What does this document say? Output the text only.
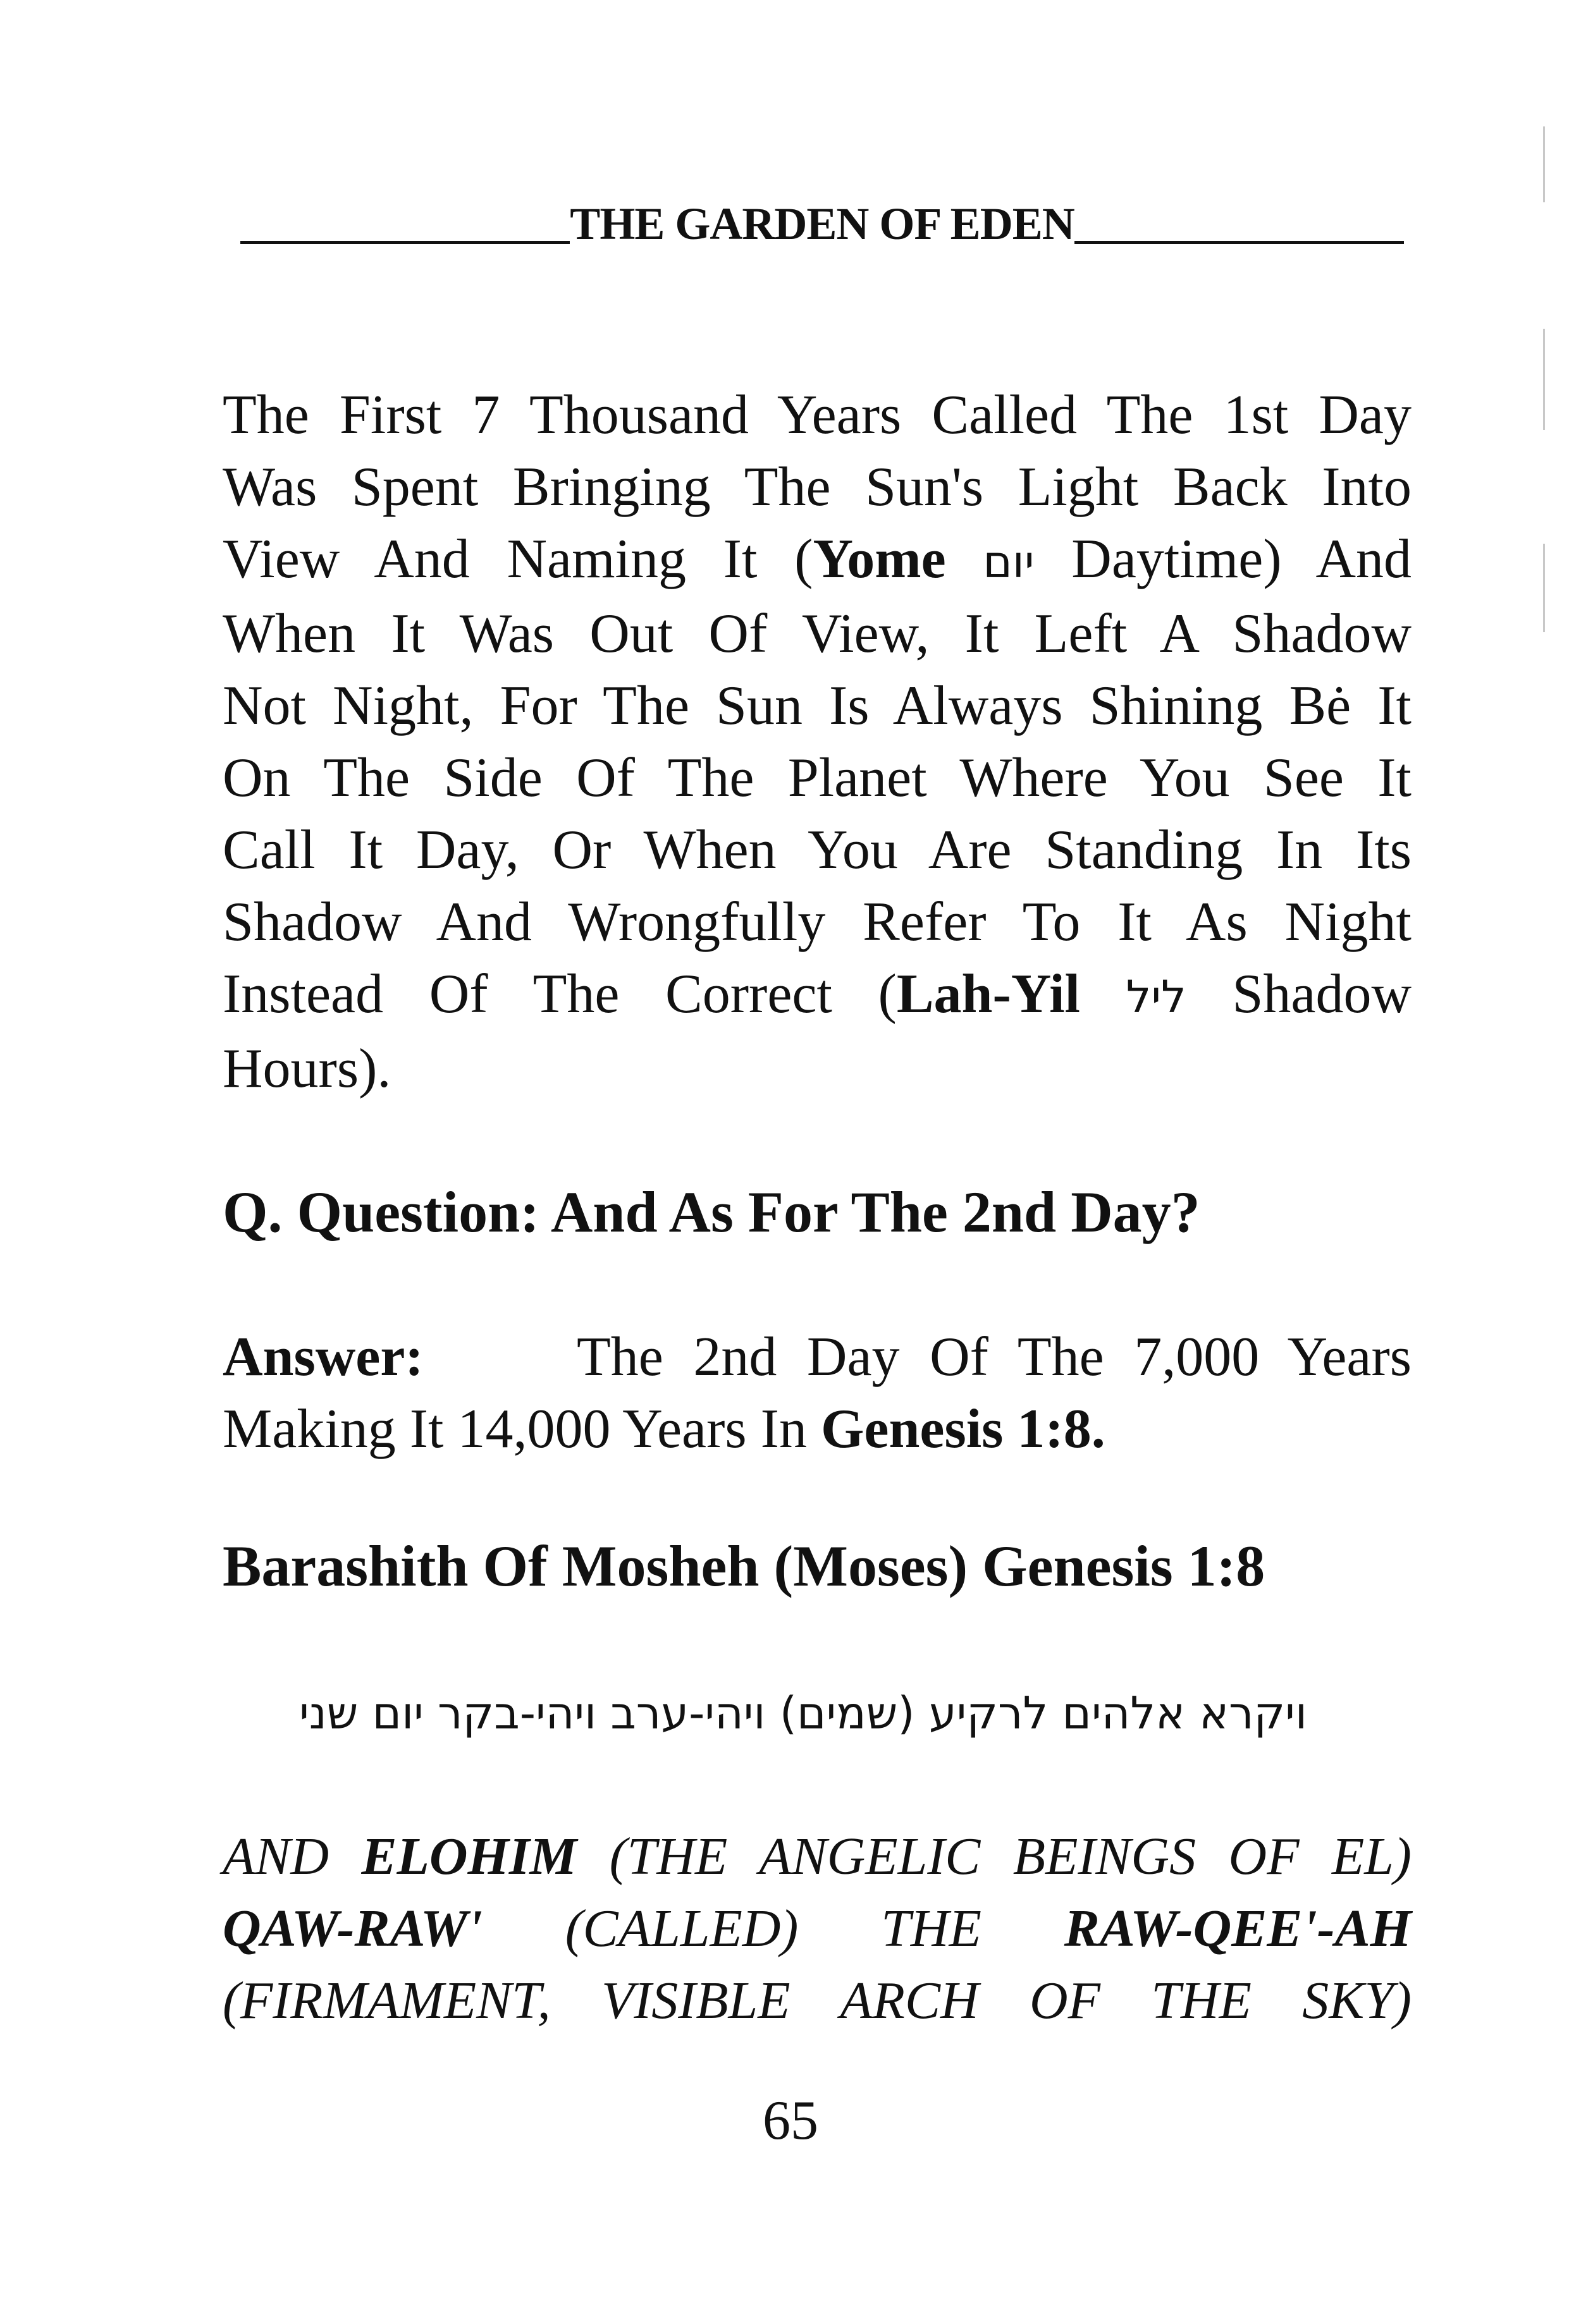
THE GARDEN OF EDEN

The First 7 Thousand Years Called The 1st Day
Was Spent Bringing The Sun's Light Back Into
View And Naming It (Yome יום Daytime) And
When It Was Out Of View, It Left A Shadow
Not Night, For The Sun Is Always Shining Bė It
On The Side Of The Planet Where You See It
Call It Day, Or When You Are Standing In Its
Shadow And Wrongfully Refer To It As Night
Instead Of The Correct (Lah-Yil ליל Shadow
Hours).

Q. Question: And As For The 2nd Day?

Answer:	The 2nd Day Of The 7,000 Years
Making It 14,000 Years In Genesis 1:8.

Barashith Of Mosheh (Moses) Genesis 1:8

ויקרא אלהים לרקיע (שמים) ויהי-ערב ויהי-בקר יום שני
AND ELOHIM (THE ANGELIC BEINGS OF EL)
QAW-RAW' (CALLED) THE RAW-QEE'-AH
(FIRMAMENT, VISIBLE ARCH OF THE SKY)
65
